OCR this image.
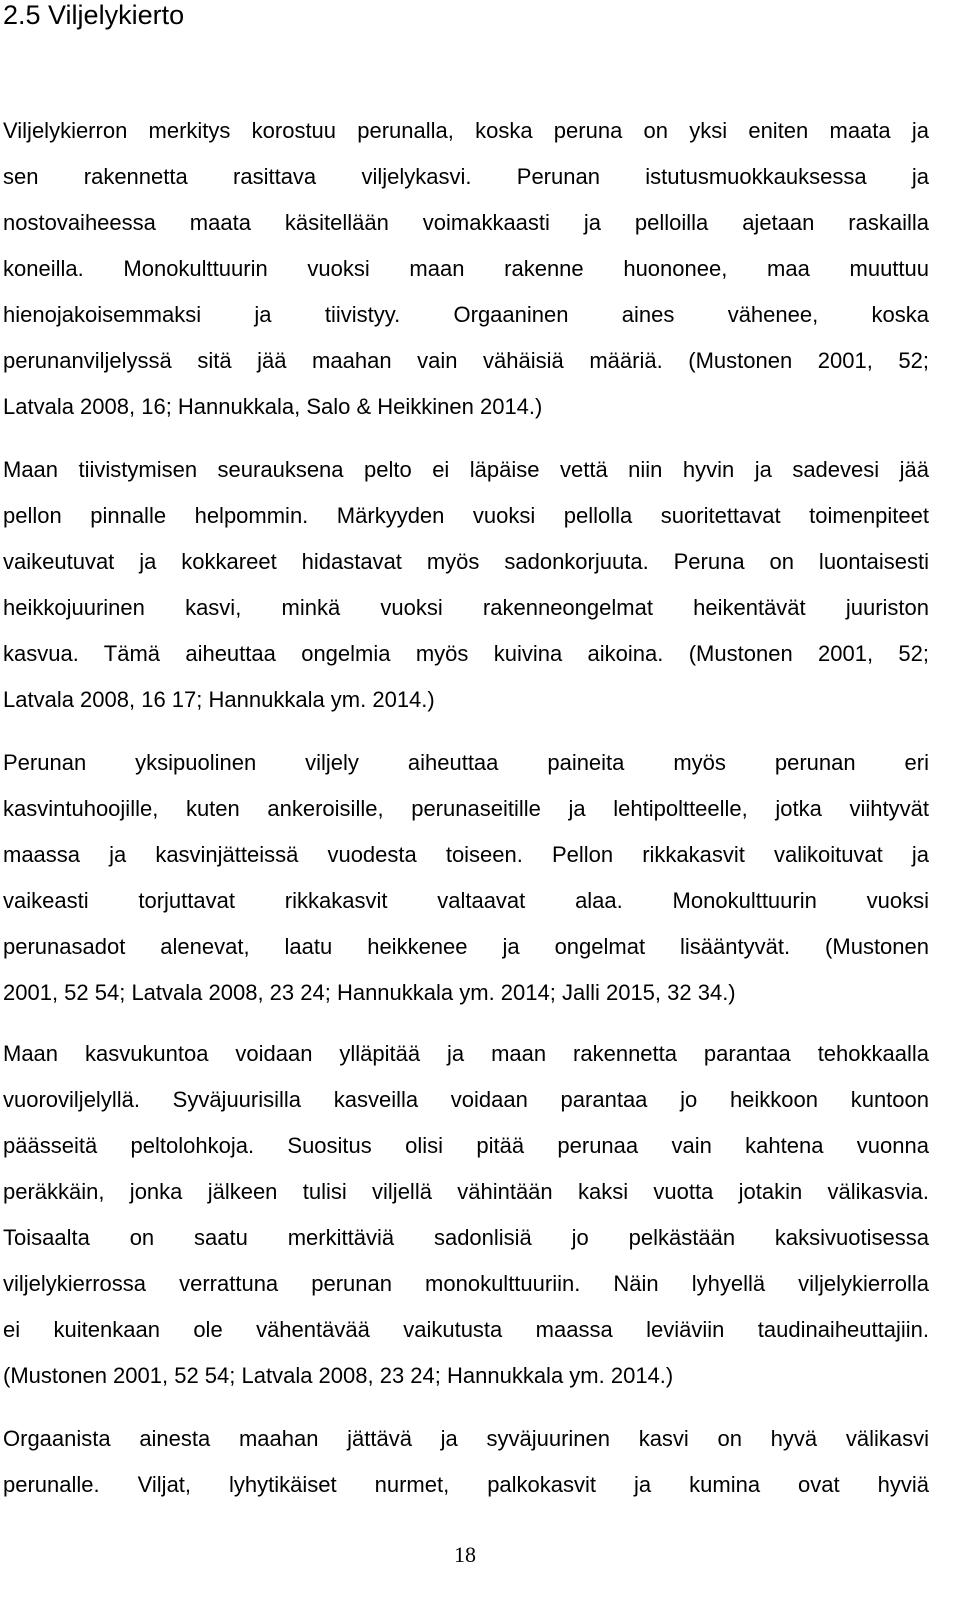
2.5 Viljelykierto
Viljelykierron merkitys korostuu perunalla, koska peruna on yksi eniten maata ja
sen rakennetta rasittava viljelykasvi. Perunan istutusmuokkauksessa ja
nostovaiheessa maata käsitellään voimakkaasti ja pelloilla ajetaan raskailla
koneilla. Monokulttuurin vuoksi maan rakenne huononee, maa muuttuu
hienojakoisemmaksi ja tiivistyy. Orgaaninen aines vähenee, koska
perunanviljelyssä sitä jää maahan vain vähäisiä määriä. (Mustonen 2001, 52;
Latvala 2008, 16; Hannukkala, Salo & Heikkinen 2014.)
Maan tiivistymisen seurauksena pelto ei läpäise vettä niin hyvin ja sadevesi jää
pellon pinnalle helpommin. Märkyyden vuoksi pellolla suoritettavat toimenpiteet
vaikeutuvat ja kokkareet hidastavat myös sadonkorjuuta. Peruna on luontaisesti
heikkojuurinen kasvi, minkä vuoksi rakenneongelmat heikentävät juuriston
kasvua. Tämä aiheuttaa ongelmia myös kuivina aikoina. (Mustonen 2001, 52;
Latvala 2008, 16 17; Hannukkala ym. 2014.)
Perunan yksipuolinen viljely aiheuttaa paineita myös perunan eri
kasvintuhoojille, kuten ankeroisille, perunaseitille ja lehtipoltteelle, jotka viihtyvät
maassa ja kasvinjätteissä vuodesta toiseen. Pellon rikkakasvit valikoituvat ja
vaikeasti torjuttavat rikkakasvit valtaavat alaa. Monokulttuurin vuoksi
perunasadot alenevat, laatu heikkenee ja ongelmat lisääntyvät. (Mustonen
2001, 52 54; Latvala 2008, 23 24; Hannukkala ym. 2014; Jalli 2015, 32 34.)
Maan kasvukuntoa voidaan ylläpitää ja maan rakennetta parantaa tehokkaalla
vuoroviljelyllä. Syväjuurisilla kasveilla voidaan parantaa jo heikkoon kuntoon
päässeitä peltolohkoja. Suositus olisi pitää perunaa vain kahtena vuonna
peräkkäin, jonka jälkeen tulisi viljellä vähintään kaksi vuotta jotakin välikasvia.
Toisaalta on saatu merkittäviä sadonlisiä jo pelkästään kaksivuotisessa
viljelykierrossa verrattuna perunan monokulttuuriin. Näin lyhyellä viljelykierrolla
ei kuitenkaan ole vähentävää vaikutusta maassa leviäviin taudinaiheuttajiin.
(Mustonen 2001, 52 54; Latvala 2008, 23 24; Hannukkala ym. 2014.)
Orgaanista ainesta maahan jättävä ja syväjuurinen kasvi on hyvä välikasvi
perunalle. Viljat, lyhytikäiset nurmet, palkokasvit ja kumina ovat hyviä
18
